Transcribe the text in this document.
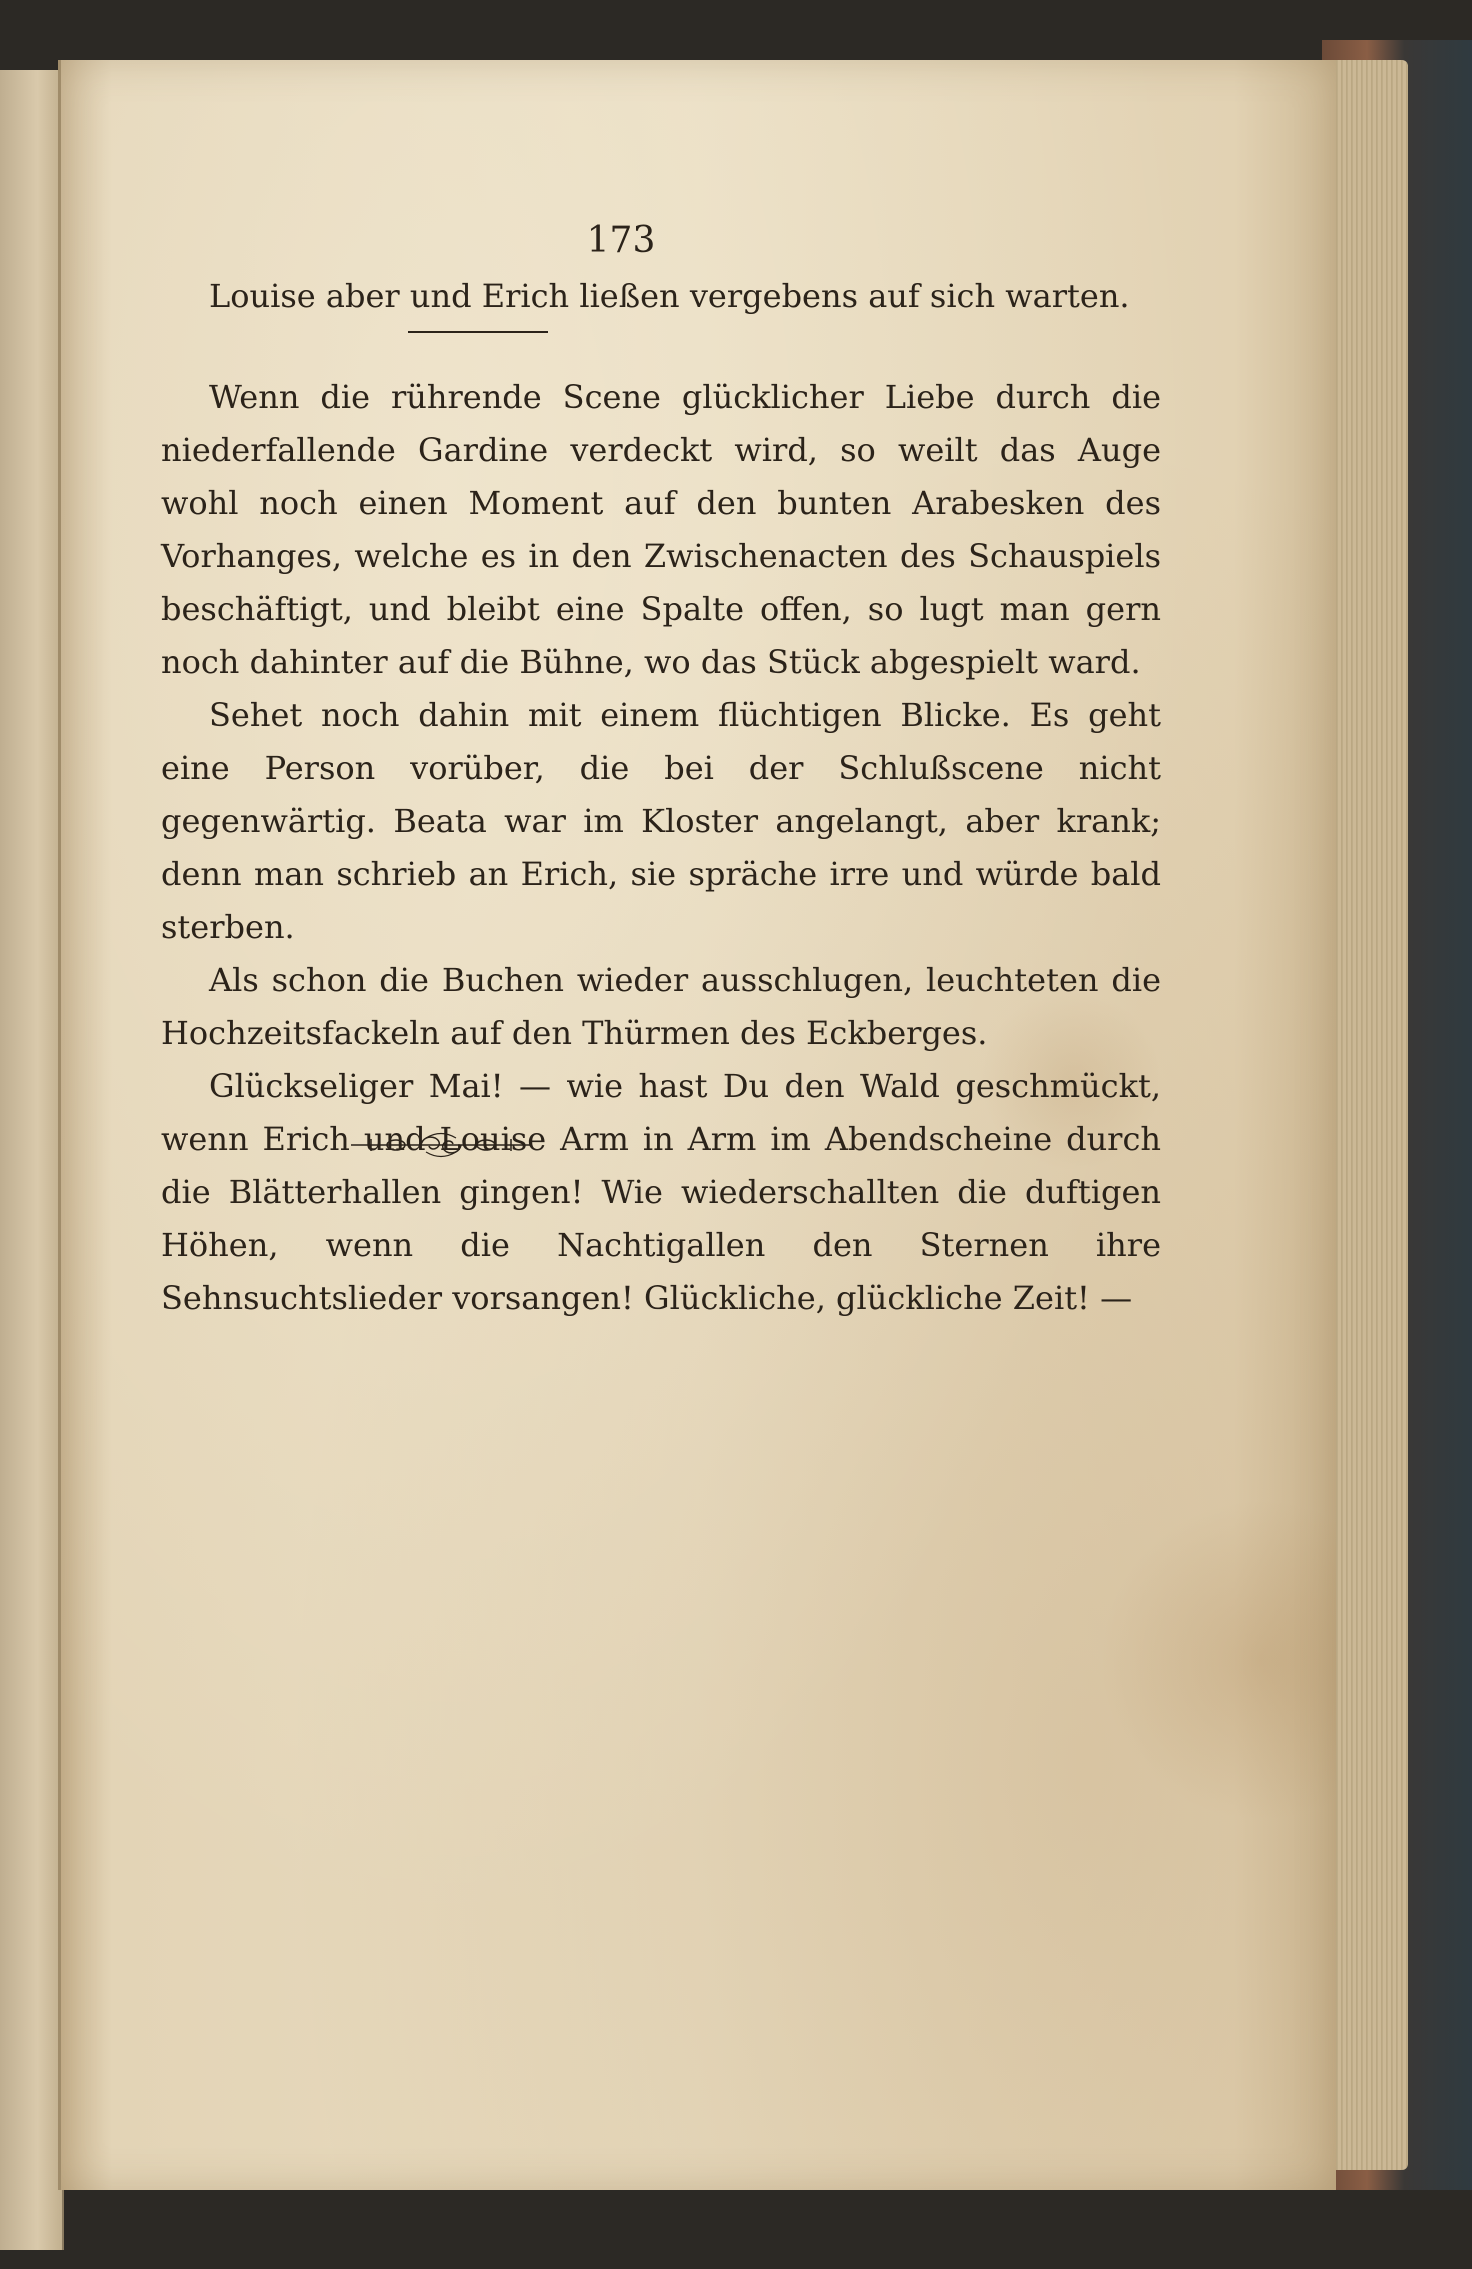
173

Louise aber und Erich ließen vergebens auf sich warten.

Wenn die rührende Scene glücklicher Liebe durch die niederfallende Gardine verdeckt wird, so weilt das Auge wohl noch einen Moment auf den bunten Arabesken des Vorhanges, welche es in den Zwischenacten des Schauspiels beschäftigt, und bleibt eine Spalte offen, so lugt man gern noch dahinter auf die Bühne, wo das Stück abgespielt ward.

Sehet noch dahin mit einem flüchtigen Blicke. Es geht eine Person vorüber, die bei der Schlußscene nicht gegenwärtig. Beata war im Kloster angelangt, aber krank; denn man schrieb an Erich, sie spräche irre und würde bald sterben.

Als schon die Buchen wieder ausschlugen, leuchteten die Hochzeitsfackeln auf den Thürmen des Eckberges.

Glückseliger Mai! — wie hast Du den Wald geschmückt, wenn Erich und Louise Arm in Arm im Abendscheine durch die Blätterhallen gingen! Wie wiederschallten die duftigen Höhen, wenn die Nachtigallen den Sternen ihre Sehnsuchtslieder vorsangen! Glückliche, glückliche Zeit! —
